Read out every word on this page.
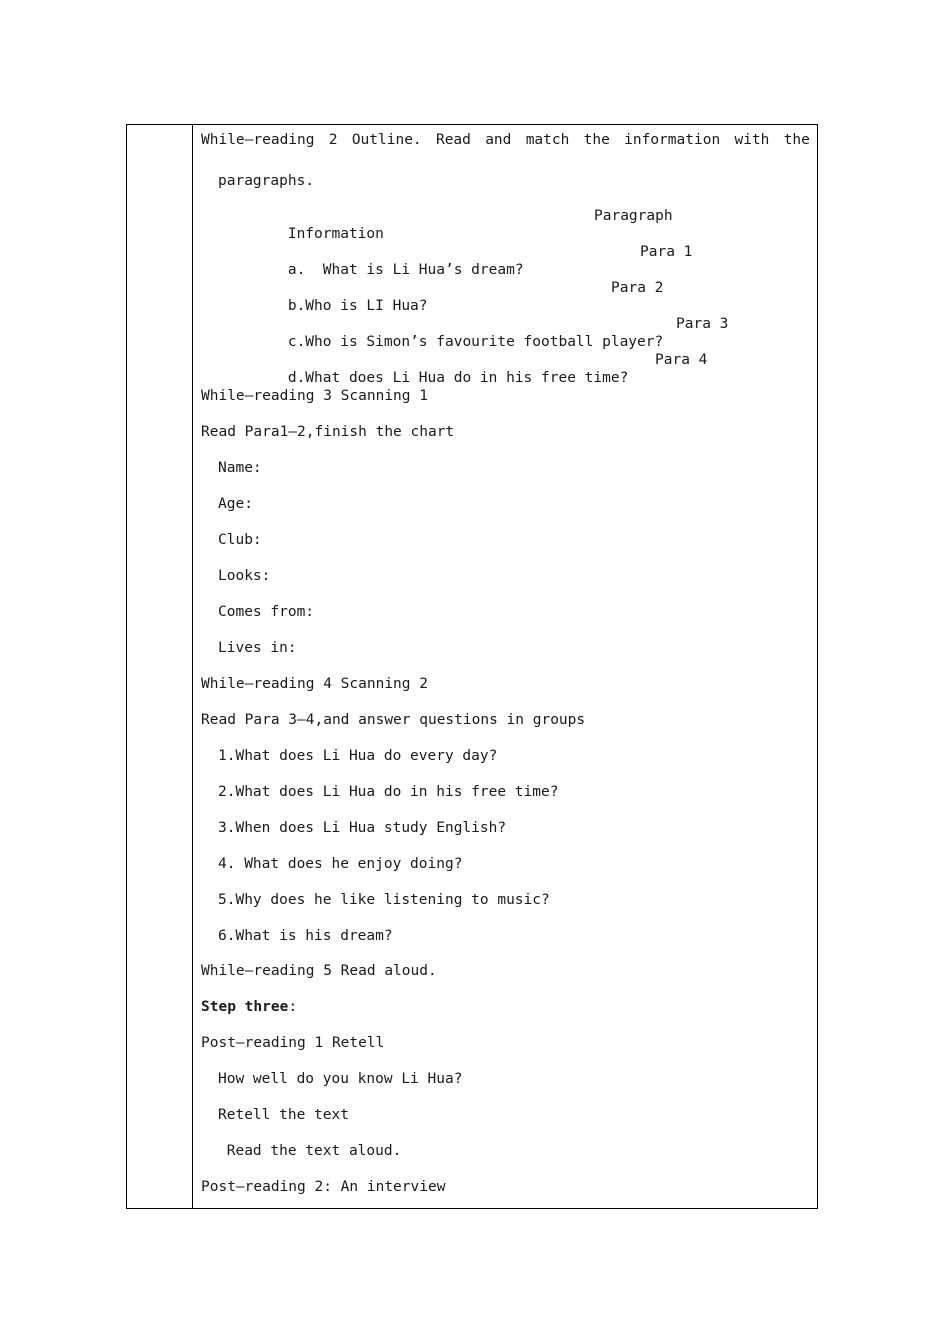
While—reading 2 Outline. Read and match the information with the
paragraphs.

Information

Paragraph

a.  What is Li Hua’s dream?

Para 1

b.Who is LI Hua?

Para 2

c.Who is Simon’s favourite football player?

Para 3

d.What does Li Hua do in his free time?

Para 4

While—reading 3 Scanning 1
Read Para1—2,finish the chart
Name:
Age:
Club:
Looks:
Comes from:
Lives in:
While—reading 4 Scanning 2
Read Para 3—4,and answer questions in groups
1.What does Li Hua do every day?
2.What does Li Hua do in his free time?
3.When does Li Hua study English?
4. What does he enjoy doing?
5.Why does he like listening to music?
6.What is his dream?
While—reading 5 Read aloud.
Step three:
Post—reading 1 Retell
How well do you know Li Hua?
Retell the text
Read the text aloud.
Post—reading 2: An interview
